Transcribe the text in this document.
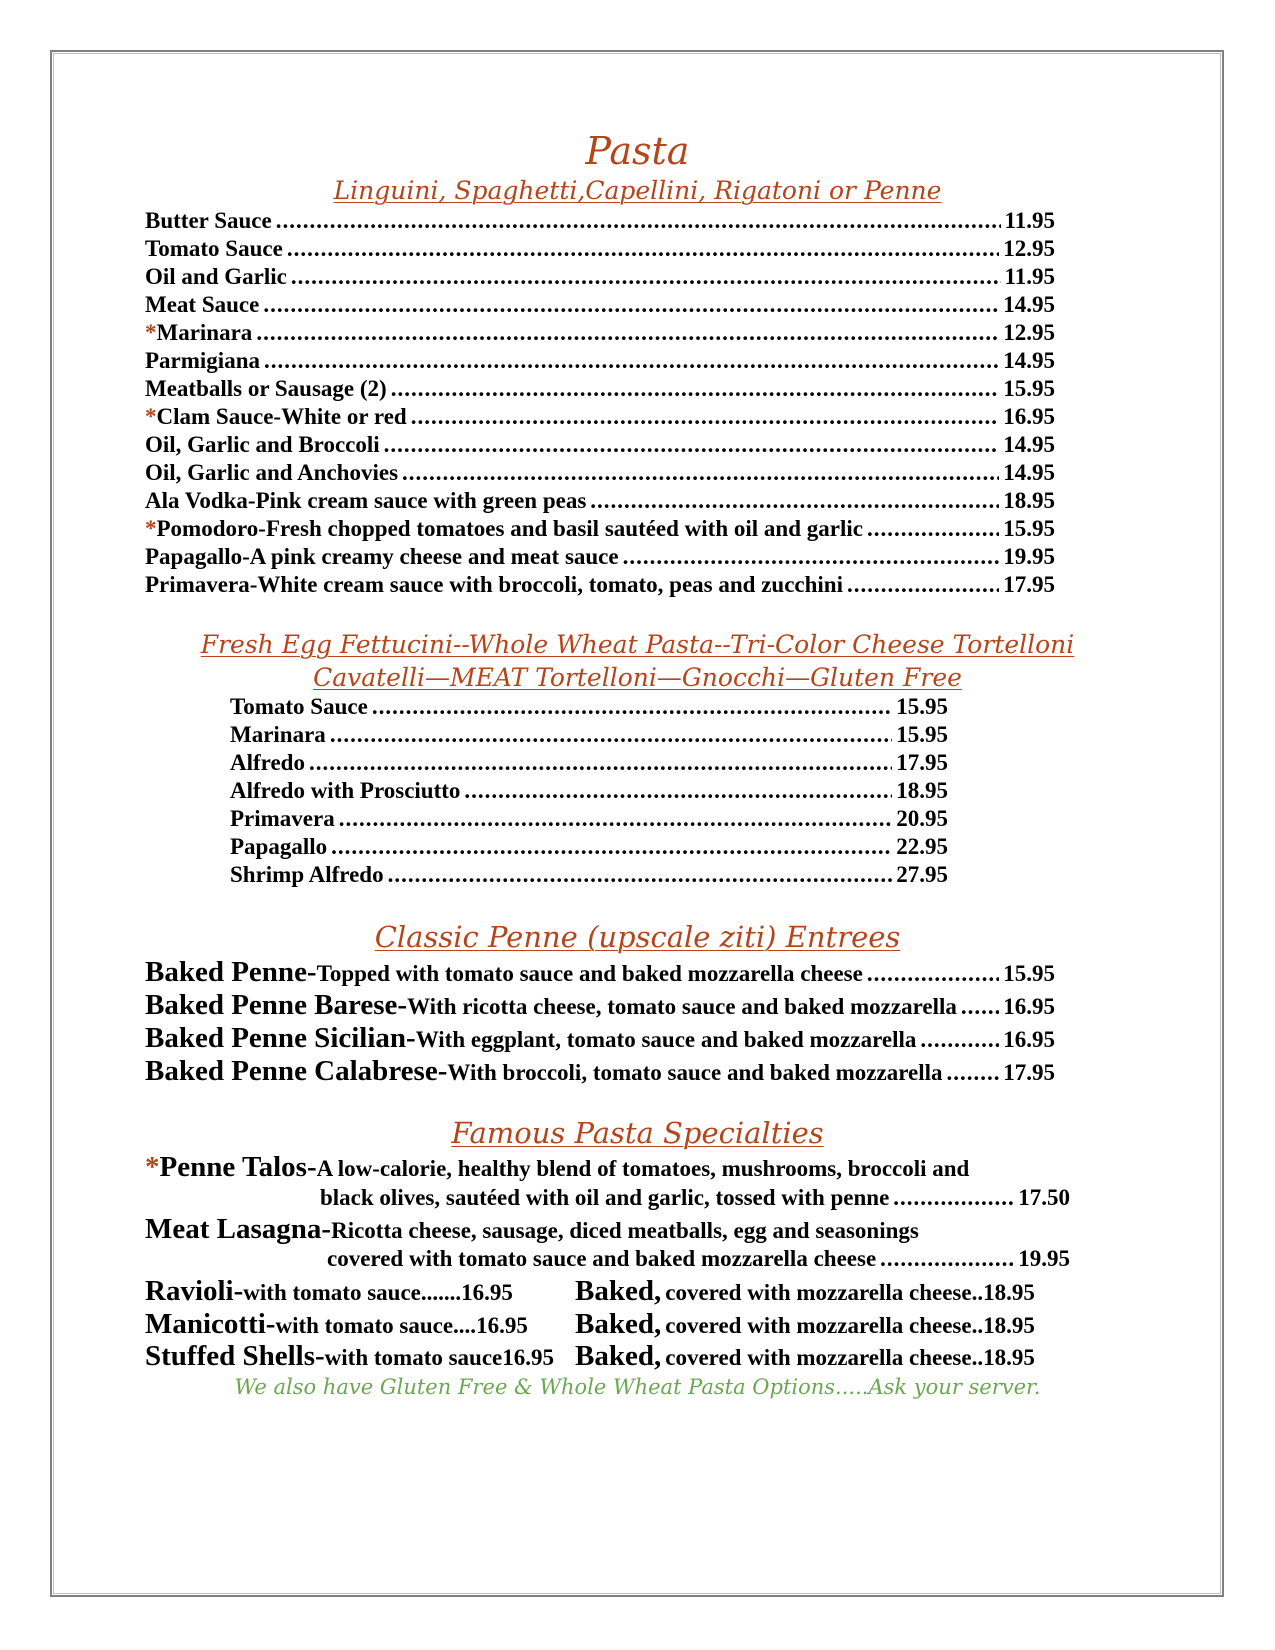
Pasta
Linguini, Spaghetti,Capellini, Rigatoni or Penne
Butter Sauce .....	11.95
Tomato Sauce .....	12.95
Oil and Garlic .....	11.95
Meat Sauce .....	14.95
*Marinara .....	12.95
Parmigiana .....	14.95
Meatballs or Sausage (2) .....	15.95
*Clam Sauce-White or red .....	16.95
Oil, Garlic and Broccoli .....	14.95
Oil, Garlic and Anchovies .....	14.95
Ala Vodka-Pink cream sauce with green peas .....	18.95
*Pomodoro-Fresh chopped tomatoes and basil sautéed with oil and garlic .....	15.95
Papagallo-A pink creamy cheese and meat sauce .....	19.95
Primavera-White cream sauce with broccoli, tomato, peas and zucchini .....	17.95
Fresh Egg Fettucini--Whole Wheat Pasta--Tri-Color Cheese Tortelloni
Cavatelli—MEAT Tortelloni—Gnocchi—Gluten Free
Tomato Sauce .....	15.95
Marinara .....	15.95
Alfredo .....	17.95
Alfredo with Prosciutto .....	18.95
Primavera .....	20.95
Papagallo .....	22.95
Shrimp Alfredo .....	27.95
Classic Penne (upscale ziti) Entrees
Baked Penne- Topped with tomato sauce and baked mozzarella cheese .....	15.95
Baked Penne Barese- With ricotta cheese, tomato sauce and baked mozzarella ..... 16.95
Baked Penne Sicilian- With eggplant, tomato sauce and baked mozzarella .....	16.95
Baked Penne Calabrese- With broccoli, tomato sauce and baked mozzarella .....	17.95
Famous Pasta Specialties
*Penne Talos-A low-calorie, healthy blend of tomatoes, mushrooms, broccoli and
black olives, sautéed with oil and garlic, tossed with penne .....	17.50
Meat Lasagna-Ricotta cheese, sausage, diced meatballs, egg and seasonings
covered with tomato sauce and baked mozzarella cheese .....	19.95
Ravioli-with tomato sauce.......16.95 Baked, covered with mozzarella cheese..18.95
Manicotti-with tomato sauce....16.95 Baked, covered with mozzarella cheese..18.95
Stuffed Shells-with tomato sauce16.95 Baked, covered with mozzarella cheese..18.95
We also have Gluten Free & Whole Wheat Pasta Options.....Ask your server.
